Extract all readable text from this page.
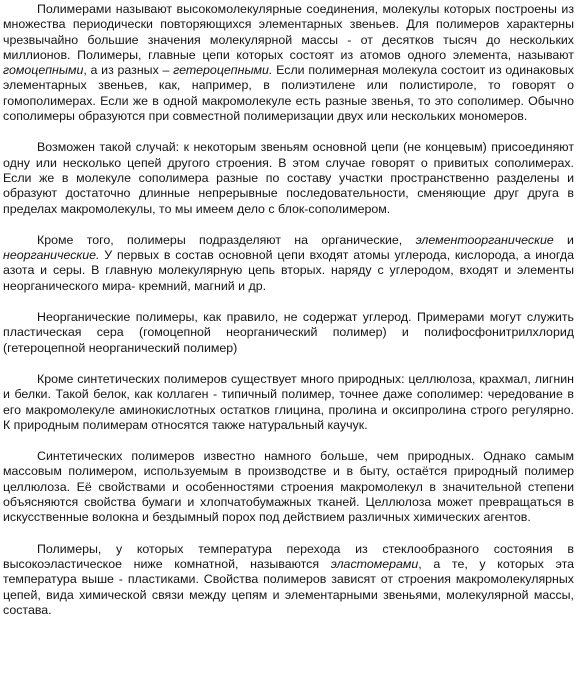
Полимерами называют высокомолекулярные соединения, молекулы которых построены из множества периодически повторяющихся элементарных звеньев. Для полимеров характерны чрезвычайно большие значения молекулярной массы - от десятков тысяч до нескольких миллионов. Полимеры, главные цепи которых состоят из атомов одного элемента, называют гомоцепными, а из разных – гетероцепными. Если полимерная молекула состоит из одинаковых элементарных звеньев, как, например, в полиэтилене или полистироле, то говорят о гомополимерах. Если же в одной макромолекуле есть разные звенья, то это сополимер. Обычно сополимеры образуются при совместной полимеризации двух или нескольких мономеров.

Возможен такой случай: к некоторым звеньям основной цепи (не концевым) присоединяют одну или несколько цепей другого строения. В этом случае говорят о привитых сополимерах. Если же в молекуле сополимера разные по составу участки пространственно разделены и образуют достаточно длинные непрерывные последовательности, сменяющие друг друга в пределах макромолекулы, то мы имеем дело с блок-сополимером.

Кроме того, полимеры подразделяют на органические, элементоорганические и неорганические. У первых в состав основной цепи входят атомы углерода, кислорода, а иногда азота и серы. В главную молекулярную цепь вторых. наряду с углеродом, входят и элементы неорганического мира- кремний, магний и др.

Неорганические полимеры, как правило, не содержат углерод. Примерами могут служить пластическая сера (гомоцепной неорганический полимер) и полифосфонитрилхлорид (гетероцепной неорганический полимер)

Кроме синтетических полимеров существует много природных: целлюлоза, крахмал, лигнин и белки. Такой белок, как коллаген - типичный полимер, точнее даже сополимер: чередование в его макромолекуле аминокислотных остатков глицина, пролина и оксипролина строго регулярно. К природным полимерам относятся также натуральный каучук.

Синтетических полимеров известно намного больше, чем природных. Однако самым массовым полимером, используемым в производстве и в быту, остаётся природный полимер целлюлоза. Её свойствами и особенностями строения макромолекул в значительной степени объясняются свойства бумаги и хлопчатобумажных тканей. Целлюлоза может превращаться в искусственные волокна и бездымный порох под действием различных химических агентов.

Полимеры, у которых температура перехода из стеклообразного состояния в высокоэластическое ниже комнатной, называются эластомерами, а те, у которых эта температура выше - пластиками. Свойства полимеров зависят от строения макромолекулярных цепей, вида химической связи между цепям и элементарными звеньями, молекулярной массы, состава.
